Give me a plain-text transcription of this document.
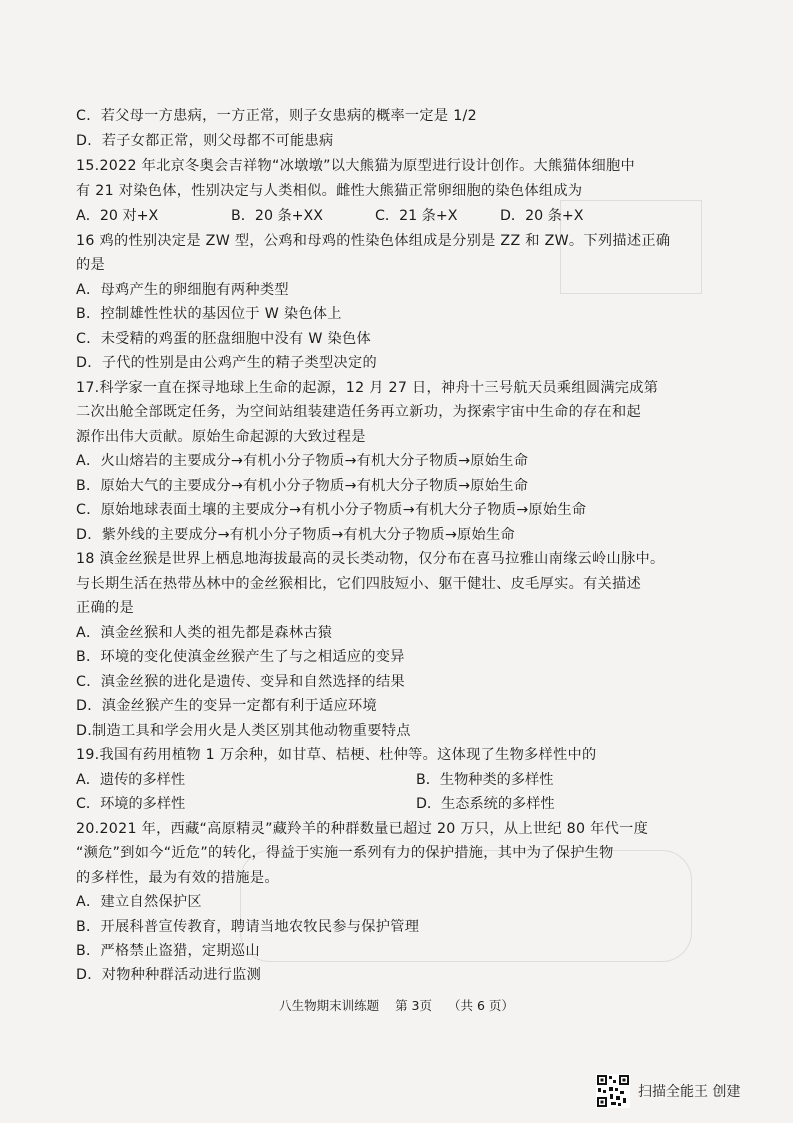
C．若父母一方患病，一方正常，则子女患病的概率一定是 1/2
D．若子女都正常，则父母都不可能患病
15.2022 年北京冬奥会吉祥物“冰墩墩”以大熊猫为原型进行设计创作。大熊猫体细胞中
有 21 对染色体，性别决定与人类相似。雌性大熊猫正常卵细胞的染色体组成为
A．20 对+X	B．20 条+XX	C．21 条+X	D．20 条+X
16 鸡的性别决定是 ZW 型，公鸡和母鸡的性染色体组成是分别是 ZZ 和 ZW。下列描述正确
的是
A．母鸡产生的卵细胞有两种类型
B．控制雄性性状的基因位于 W 染色体上
C．未受精的鸡蛋的胚盘细胞中没有 W 染色体
D．子代的性别是由公鸡产生的精子类型决定的
17.科学家一直在探寻地球上生命的起源，12 月 27 日，神舟十三号航天员乘组圆满完成第
二次出舱全部既定任务，为空间站组装建造任务再立新功，为探索宇宙中生命的存在和起
源作出伟大贡献。原始生命起源的大致过程是
A．火山熔岩的主要成分→有机小分子物质→有机大分子物质→原始生命
B．原始大气的主要成分→有机小分子物质→有机大分子物质→原始生命
C．原始地球表面土壤的主要成分→有机小分子物质→有机大分子物质→原始生命
D．紫外线的主要成分→有机小分子物质→有机大分子物质→原始生命
18 滇金丝猴是世界上栖息地海拔最高的灵长类动物，仅分布在喜马拉雅山南缘云岭山脉中。
与长期生活在热带丛林中的金丝猴相比，它们四肢短小、躯干健壮、皮毛厚实。有关描述
正确的是
A．滇金丝猴和人类的祖先都是森林古猿
B．环境的变化使滇金丝猴产生了与之相适应的变异
C．滇金丝猴的进化是遗传、变异和自然选择的结果
D．滇金丝猴产生的变异一定都有利于适应环境
D.制造工具和学会用火是人类区别其他动物重要特点
19.我国有药用植物 1 万余种，如甘草、桔梗、杜仲等。这体现了生物多样性中的
A．遗传的多样性	B．生物种类的多样性
C．环境的多样性	D．生态系统的多样性
20.2021 年，西藏“高原精灵”藏羚羊的种群数量已超过 20 万只，从上世纪 80 年代一度
“濒危”到如今“近危”的转化，得益于实施一系列有力的保护措施，其中为了保护生物
的多样性，最为有效的措施是。
A．建立自然保护区
B．开展科普宣传教育，聘请当地农牧民参与保护管理
B．严格禁止盗猎，定期巡山
D．对物种种群活动进行监测
八生物期末训练题 第 3页 （共 6 页）
扫描全能王 创建
